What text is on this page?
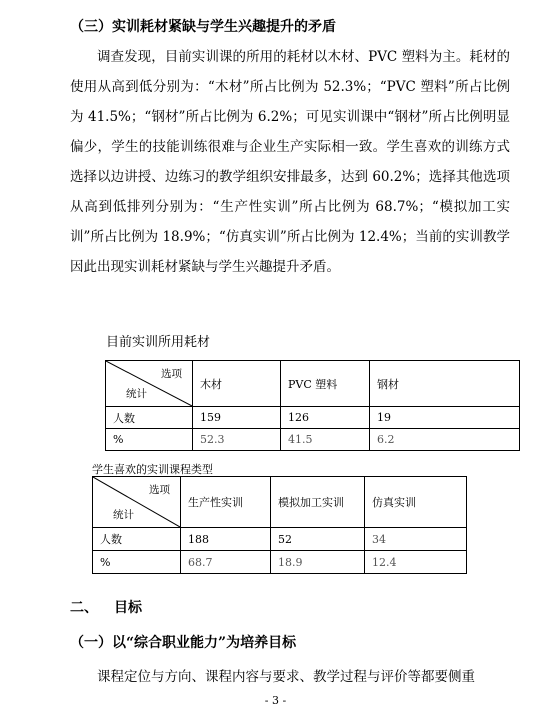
（三）实训耗材紧缺与学生兴趣提升的矛盾

调查发现，目前实训课的所用的耗材以木材、PVC 塑料为主。耗材的使用从高到低分别为：“木材”所占比例为 52.3%；“PVC 塑料”所占比例为 41.5%；“钢材”所占比例为 6.2%；可见实训课中“钢材”所占比例明显偏少，学生的技能训练很难与企业生产实际相一致。学生喜欢的训练方式选择以边讲授、边练习的教学组织安排最多，达到 60.2%；选择其他选项从高到低排列分别为：“生产性实训”所占比例为 68.7%；“模拟加工实训”所占比例为 18.9%；“仿真实训”所占比例为 12.4%；当前的实训教学因此出现实训耗材紧缺与学生兴趣提升矛盾。

目前实训所用耗材
选项
统计	木材	PVC 塑料	钢材
人数	159	126	19
%	52.3	41.5	6.2
学生喜欢的实训课程类型
选项
统计	生产性实训	模拟加工实训	仿真实训
人数	188	52	34
%	68.7	18.9	12.4
二、 目标
（一）以“综合职业能力”为培养目标

课程定位与方向、课程内容与要求、教学过程与评价等都要侧重

- 3 -
